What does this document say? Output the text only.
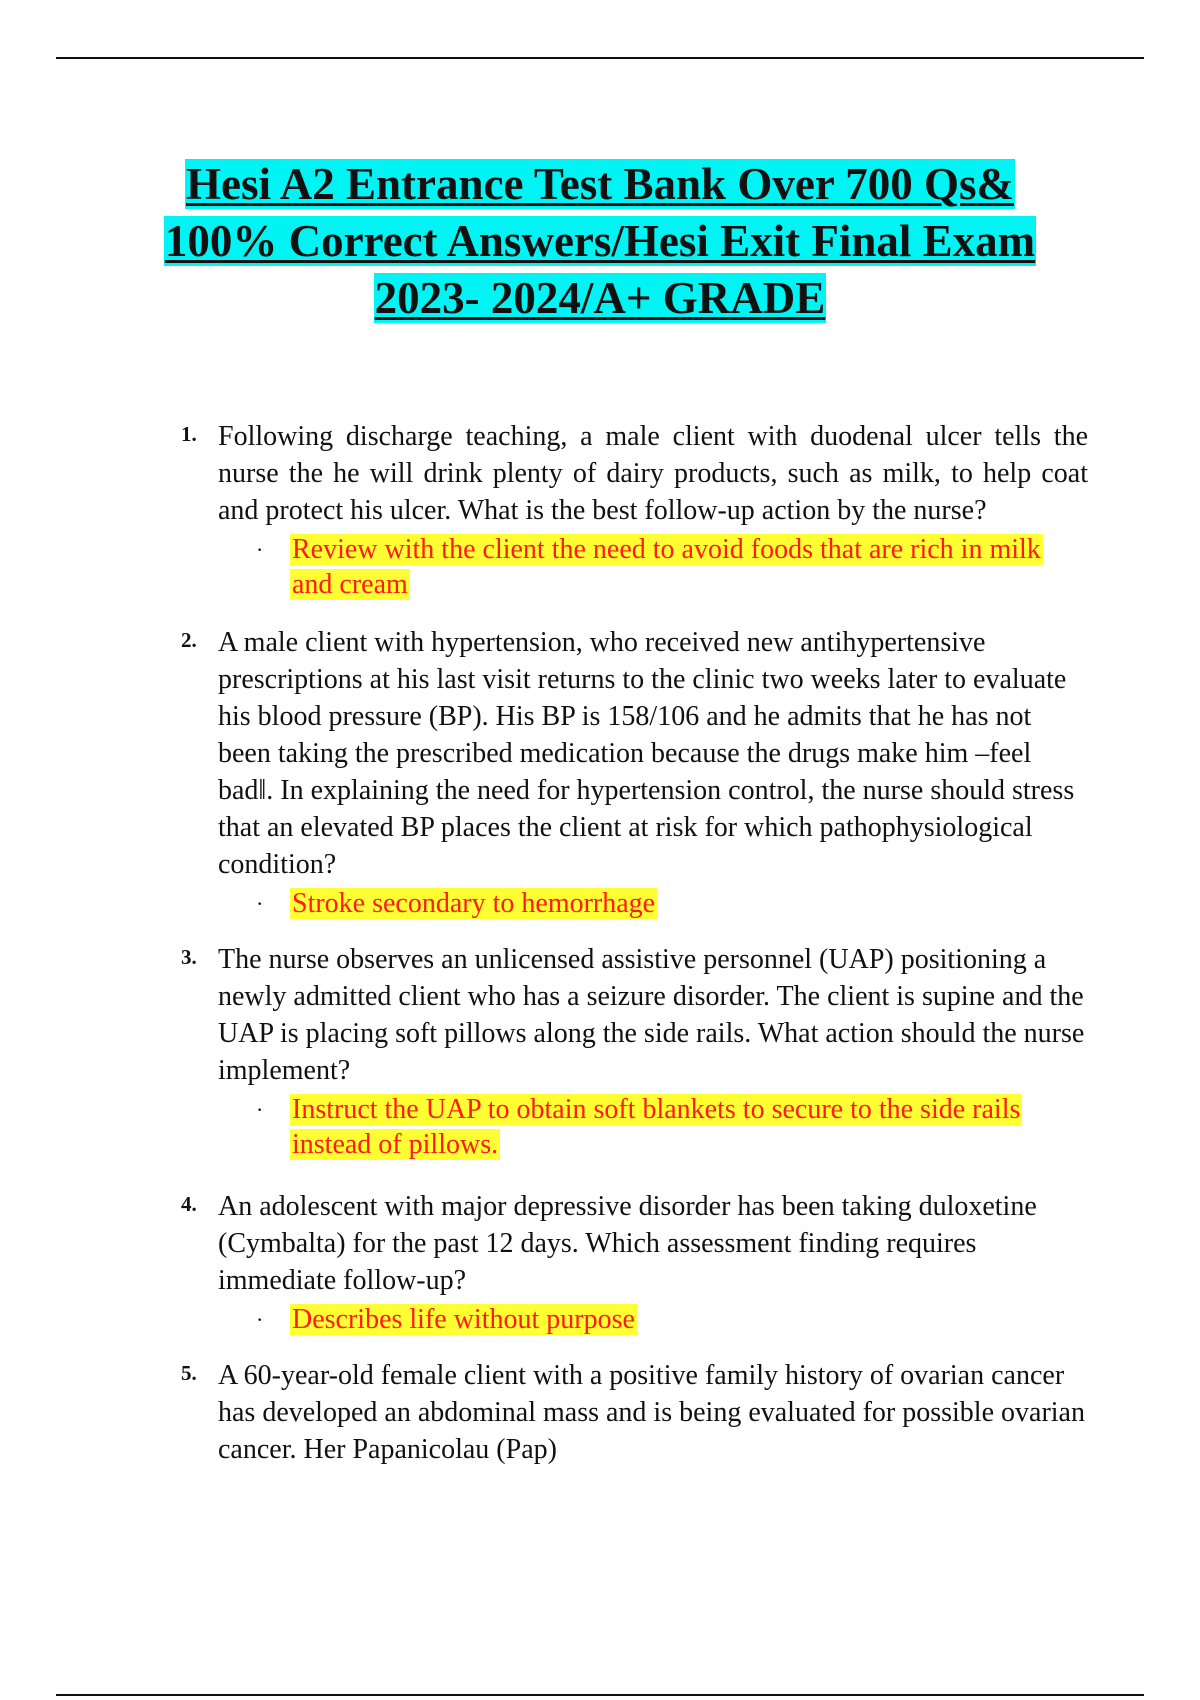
Hesi A2 Entrance Test Bank Over 700 Qs&
100% Correct Answers/Hesi Exit Final Exam
2023- 2024/A+ GRADE
1. Following discharge teaching, a male client with duodenal ulcer tells the nurse the he will drink plenty of dairy products, such as milk, to help coat and protect his ulcer. What is the best follow-up action by the nurse?
· Review with the client the need to avoid foods that are rich in milk and cream
2. A male client with hypertension, who received new antihypertensive prescriptions at his last visit returns to the clinic two weeks later to evaluate his blood pressure (BP). His BP is 158/106 and he admits that he has not been taking the prescribed medication because the drugs make him –feel bad‖. In explaining the need for hypertension control, the nurse should stress that an elevated BP places the client at risk for which pathophysiological condition?
· Stroke secondary to hemorrhage
3. The nurse observes an unlicensed assistive personnel (UAP) positioning a newly admitted client who has a seizure disorder. The client is supine and the UAP is placing soft pillows along the side rails. What action should the nurse implement?
· Instruct the UAP to obtain soft blankets to secure to the side rails instead of pillows.
4. An adolescent with major depressive disorder has been taking duloxetine (Cymbalta) for the past 12 days. Which assessment finding requires immediate follow-up?
· Describes life without purpose
5. A 60-year-old female client with a positive family history of ovarian cancer has developed an abdominal mass and is being evaluated for possible ovarian cancer. Her Papanicolau (Pap)
